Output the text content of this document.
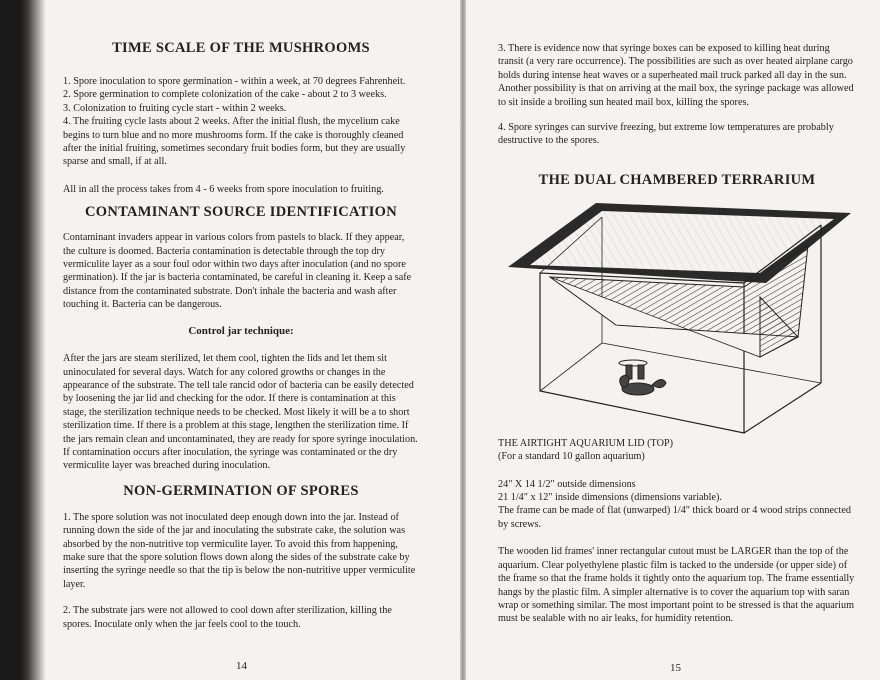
TIME SCALE OF THE MUSHROOMS

1. Spore inoculation to spore germination - within a week, at 70 degrees Fahrenheit.

2. Spore germination to complete colonization of the cake - about 2 to 3 weeks.

3. Colonization to fruiting cycle start - within 2 weeks.

4. The fruiting cycle lasts about 2 weeks. After the initial flush, the mycelium cake begins to turn blue and no more mushrooms form. If the cake is thoroughly cleaned after the initial fruiting, sometimes secondary fruit bodies form, but they are usually sparse and small, if at all.

All in all the process takes from 4 - 6 weeks from spore inoculation to fruiting.

CONTAMINANT SOURCE IDENTIFICATION

Contaminant invaders appear in various colors from pastels to black. If they appear, the culture is doomed. Bacteria contamination is detectable through the top dry vermiculite layer as a sour foul odor within two days after inoculation (and no spore germination). If the jar is bacteria contaminated, be careful in cleaning it. Keep a safe distance from the contaminated substrate. Don't inhale the bacteria and wash after touching it. Bacteria can be dangerous.

Control jar technique:

After the jars are steam sterilized, let them cool, tighten the lids and let them sit uninoculated for several days. Watch for any colored growths or changes in the appearance of the substrate. The tell tale rancid odor of bacteria can be easily detected by loosening the jar lid and checking for the odor. If there is contamination at this stage, the sterilization technique needs to be checked. Most likely it will be a to short sterilization time. If there is a problem at this stage, lengthen the sterilization time. If the jars remain clean and uncontaminated, they are ready for spore syringe inoculation. If contamination occurs after inoculation, the syringe was contaminated or the dry vermiculite layer was breached during inoculation.

NON-GERMINATION OF SPORES

1. The spore solution was not inoculated deep enough down into the jar. Instead of running down the side of the jar and inoculating the substrate cake, the solution was absorbed by the non-nutritive top vermiculite layer. To avoid this from happening, make sure that the spore solution flows down along the sides of the substrate cake by inserting the syringe needle so that the tip is below the non-nutritive upper vermiculite layer.

2. The substrate jars were not allowed to cool down after sterilization, killing the spores. Inoculate only when the jar feels cool to the touch.

14

3. There is evidence now that syringe boxes can be exposed to killing heat during transit (a very rare occurrence). The possibilities are such as over heated airplane cargo holds during intense heat waves or a superheated mail truck parked all day in the sun. Another possibility is that on arriving at the mail box, the syringe package was allowed to sit inside a broiling sun heated mail box, killing the spores.

4. Spore syringes can survive freezing, but extreme low temperatures are probably destructive to the spores.

THE DUAL CHAMBERED TERRARIUM

THE AIRTIGHT AQUARIUM LID (TOP)

(For a standard 10 gallon aquarium)

24" X 14 1/2" outside dimensions

21 1/4" x 12" inside dimensions (dimensions variable).

The frame can be made of flat (unwarped) 1/4" thick board or 4 wood strips connected by screws.

The wooden lid frames' inner rectangular cutout must be LARGER than the top of the aquarium. Clear polyethylene plastic film is tacked to the underside (or upper side) of the frame so that the frame holds it tightly onto the aquarium top. The frame essentially hangs by the plastic film. A simpler alternative is to cover the aquarium top with saran wrap or something similar. The most important point to be stressed is that the aquarium must be sealable with no air leaks, for humidity retention.

15
